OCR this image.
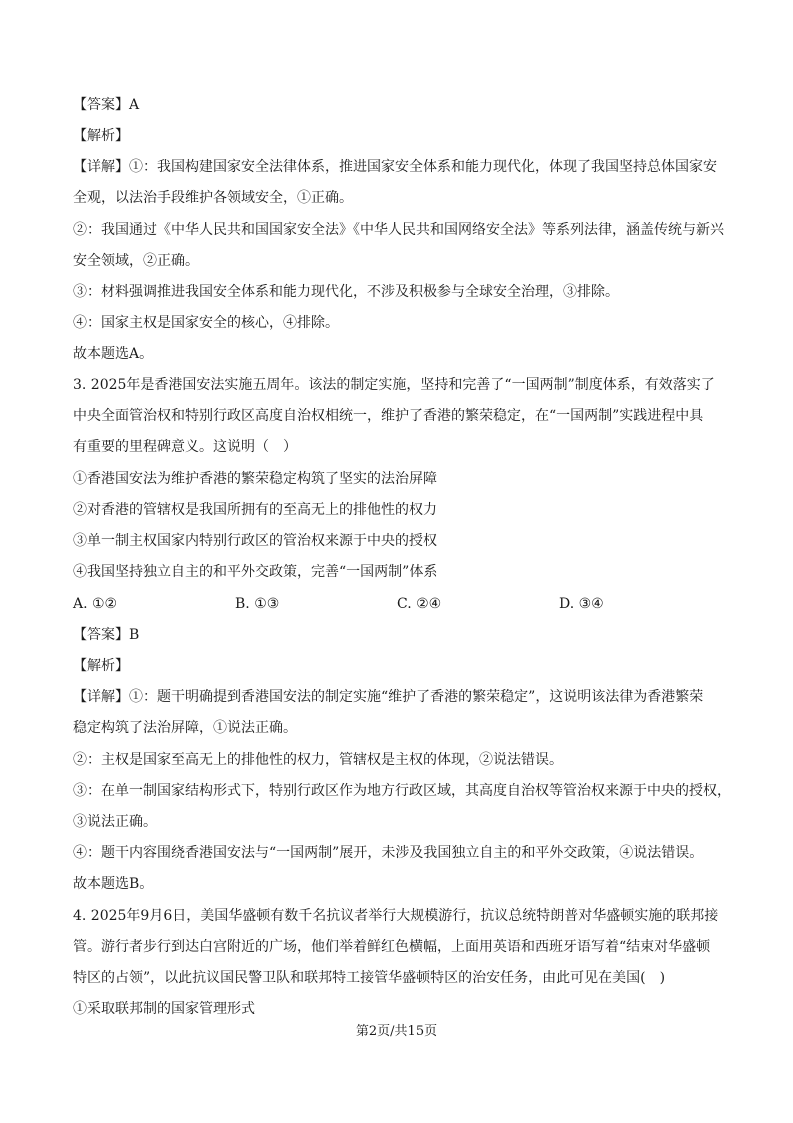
【答案】A
【解析】
【详解】①：我国构建国家安全法律体系，推进国家安全体系和能力现代化，体现了我国坚持总体国家安
全观，以法治手段维护各领域安全，①正确。
②：我国通过《中华人民共和国国家安全法》《中华人民共和国网络安全法》等系列法律，涵盖传统与新兴
安全领域，②正确。
③：材料强调推进我国安全体系和能力现代化，不涉及积极参与全球安全治理，③排除。
④：国家主权是国家安全的核心，④排除。
故本题选A。
3. 2025年是香港国安法实施五周年。该法的制定实施，坚持和完善了“一国两制”制度体系，有效落实了
中央全面管治权和特别行政区高度自治权相统一，维护了香港的繁荣稳定，在“一国两制”实践进程中具
有重要的里程碑意义。这说明（　）
①香港国安法为维护香港的繁荣稳定构筑了坚实的法治屏障
②对香港的管辖权是我国所拥有的至高无上的排他性的权力
③单一制主权国家内特别行政区的管治权来源于中央的授权
④我国坚持独立自主的和平外交政策，完善“一国两制”体系
A. ①②	B. ①③	C. ②④	D. ③④
【答案】B
【解析】
【详解】①：题干明确提到香港国安法的制定实施“维护了香港的繁荣稳定”，这说明该法律为香港繁荣
稳定构筑了法治屏障，①说法正确。
②：主权是国家至高无上的排他性的权力，管辖权是主权的体现，②说法错误。
③：在单一制国家结构形式下，特别行政区作为地方行政区域，其高度自治权等管治权来源于中央的授权，
③说法正确。
④：题干内容围绕香港国安法与“一国两制”展开，未涉及我国独立自主的和平外交政策，④说法错误。
故本题选B。
4. 2025年9月6日，美国华盛顿有数千名抗议者举行大规模游行，抗议总统特朗普对华盛顿实施的联邦接
管。游行者步行到达白宫附近的广场，他们举着鲜红色横幅，上面用英语和西班牙语写着“结束对华盛顿
特区的占领”，以此抗议国民警卫队和联邦特工接管华盛顿特区的治安任务，由此可见在美国(　)
①采取联邦制的国家管理形式
第2页/共15页
